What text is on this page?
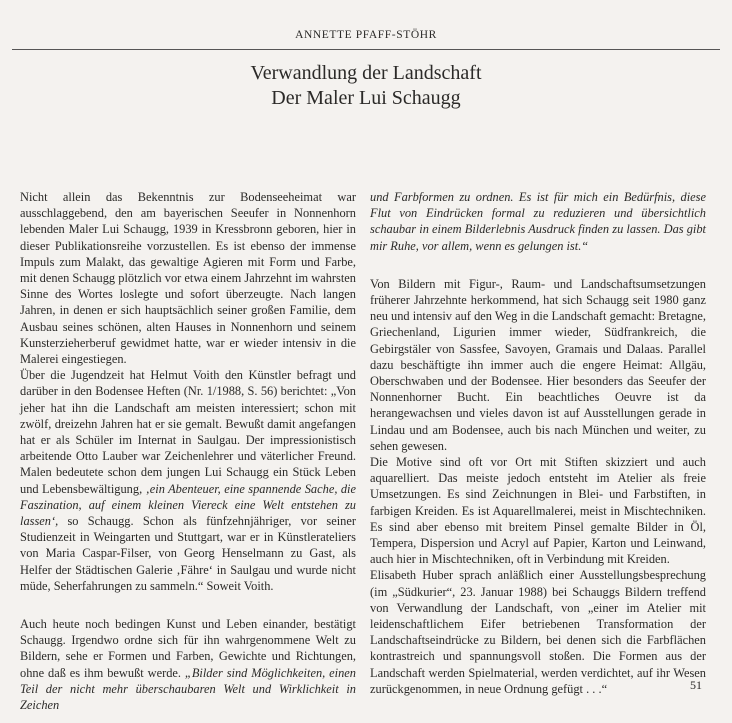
ANNETTE PFAFF-STÖHR
Verwandlung der Landschaft
Der Maler Lui Schaugg

Nicht allein das Bekenntnis zur Bodenseeheimat war ausschlaggebend, den am bayerischen Seeufer in Nonnenhorn lebenden Maler Lui Schaugg, 1939 in Kressbronn geboren, hier in dieser Publikationsreihe vorzustellen. Es ist ebenso der immense Impuls zum Malakt, das gewaltige Agieren mit Form und Farbe, mit denen Schaugg plötzlich vor etwa einem Jahrzehnt im wahrsten Sinne des Wortes loslegte und sofort überzeugte. Nach langen Jahren, in denen er sich hauptsächlich seiner großen Familie, dem Ausbau seines schönen, alten Hauses in Nonnenhorn und seinem Kunsterzieherberuf gewidmet hatte, war er wieder intensiv in die Malerei eingestiegen.

Über die Jugendzeit hat Helmut Voith den Künstler befragt und darüber in den Bodensee Heften (Nr. 1/1988, S. 56) berichtet: „Von jeher hat ihn die Landschaft am meisten interessiert; schon mit zwölf, dreizehn Jahren hat er sie gemalt. Bewußt damit angefangen hat er als Schüler im Internat in Saulgau. Der impressionistisch arbeitende Otto Lauber war Zeichenlehrer und väterlicher Freund. Malen bedeutete schon dem jungen Lui Schaugg ein Stück Leben und Lebensbewältigung, ‚ein Abenteuer, eine spannende Sache, die Faszination, auf einem kleinen Viereck eine Welt entstehen zu lassen‘, so Schaugg. Schon als fünfzehnjähriger, vor seiner Studienzeit in Weingarten und Stuttgart, war er in Künstlerateliers von Maria Caspar-Filser, von Georg Henselmann zu Gast, als Helfer der Städtischen Galerie ‚Fähre‘ in Saulgau und wurde nicht müde, Seherfahrungen zu sammeln.“ Soweit Voith.

Auch heute noch bedingen Kunst und Leben einander, bestätigt Schaugg. Irgendwo ordne sich für ihn wahrgenommene Welt zu Bildern, sehe er Formen und Farben, Gewichte und Richtungen, ohne daß es ihm bewußt werde. „Bilder sind Möglichkeiten, einen Teil der nicht mehr überschaubaren Welt und Wirklichkeit in Zeichen

und Farbformen zu ordnen. Es ist für mich ein Bedürfnis, diese Flut von Eindrücken formal zu reduzieren und übersichtlich schaubar in einem Bilderlebnis Ausdruck finden zu lassen. Das gibt mir Ruhe, vor allem, wenn es gelungen ist.“

Von Bildern mit Figur-, Raum- und Landschaftsumsetzungen früherer Jahrzehnte herkommend, hat sich Schaugg seit 1980 ganz neu und intensiv auf den Weg in die Landschaft gemacht: Bretagne, Griechenland, Ligurien immer wieder, Südfrankreich, die Gebirgstäler von Sassfee, Savoyen, Gramais und Dalaas. Parallel dazu beschäftigte ihn immer auch die engere Heimat: Allgäu, Oberschwaben und der Bodensee. Hier besonders das Seeufer der Nonnenhorner Bucht. Ein beachtliches Oeuvre ist da herangewachsen und vieles davon ist auf Ausstellungen gerade in Lindau und am Bodensee, auch bis nach München und weiter, zu sehen gewesen.

Die Motive sind oft vor Ort mit Stiften skizziert und auch aquarelliert. Das meiste jedoch entsteht im Atelier als freie Umsetzungen. Es sind Zeichnungen in Blei- und Farbstiften, in farbigen Kreiden. Es ist Aquarellmalerei, meist in Mischtechniken. Es sind aber ebenso mit breitem Pinsel gemalte Bilder in Öl, Tempera, Dispersion und Acryl auf Papier, Karton und Leinwand, auch hier in Mischtechniken, oft in Verbindung mit Kreiden.

Elisabeth Huber sprach anläßlich einer Ausstellungsbesprechung (im „Südkurier“, 23. Januar 1988) bei Schauggs Bildern treffend von Verwandlung der Landschaft, von „einer im Atelier mit leidenschaftlichem Eifer betriebenen Transformation der Landschaftseindrücke zu Bildern, bei denen sich die Farbflächen kontrastreich und spannungsvoll stoßen. Die Formen aus der Landschaft werden Spielmaterial, werden verdichtet, auf ihr Wesen zurückgenommen, in neue Ordnung gefügt . . .“	51
